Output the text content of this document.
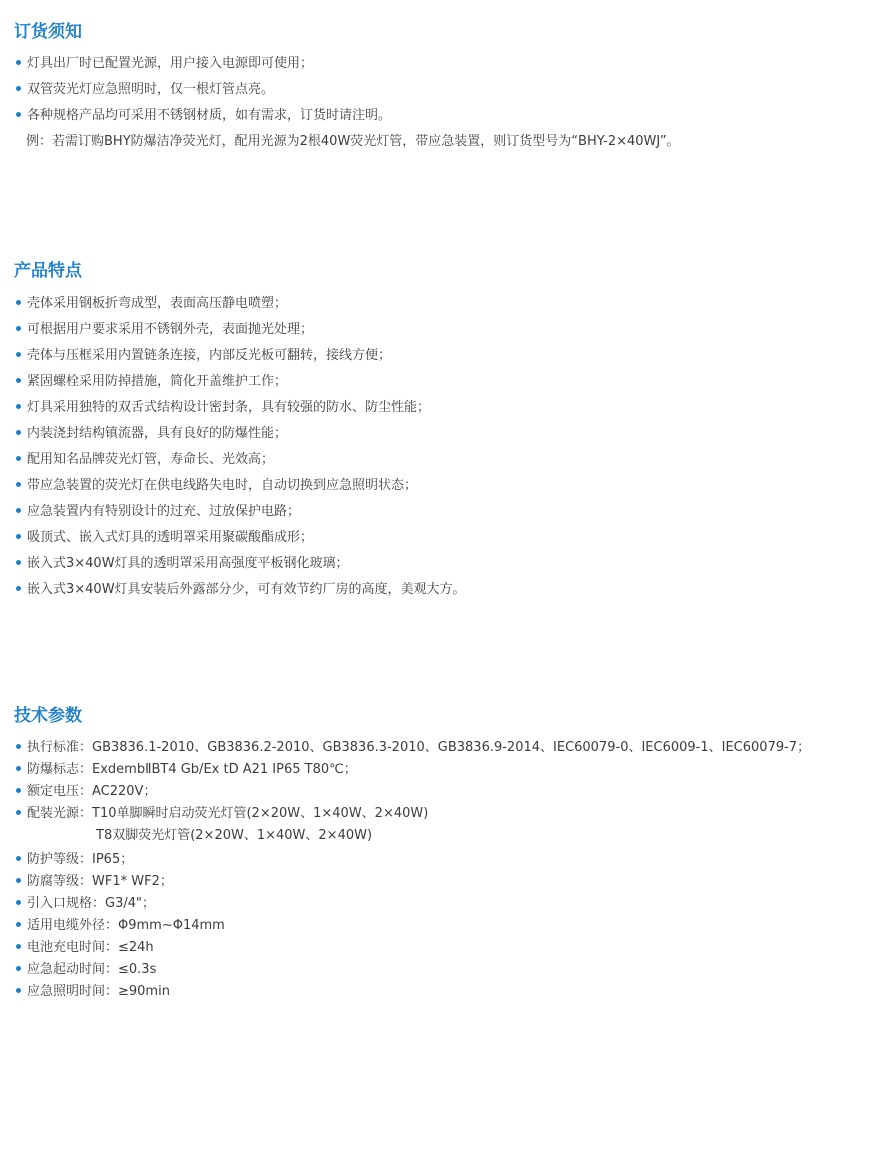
订货须知
灯具出厂时已配置光源，用户接入电源即可使用；
双管荧光灯应急照明时，仅一根灯管点亮。
各种规格产品均可采用不锈钢材质，如有需求，订货时请注明。
例：若需订购BHY防爆洁净荧光灯，配用光源为2根40W荧光灯管，带应急装置，则订货型号为“BHY-2×40WJ”。
产品特点
壳体采用钢板折弯成型，表面高压静电喷塑；
可根据用户要求采用不锈钢外壳，表面抛光处理；
壳体与压框采用内置链条连接，内部反光板可翻转，接线方便；
紧固螺栓采用防掉措施，简化开盖维护工作；
灯具采用独特的双舌式结构设计密封条，具有较强的防水、防尘性能；
内装浇封结构镇流器，具有良好的防爆性能；
配用知名品牌荧光灯管，寿命长、光效高；
带应急装置的荧光灯在供电线路失电时，自动切换到应急照明状态；
应急装置内有特别设计的过充、过放保护电路；
吸顶式、嵌入式灯具的透明罩采用聚碳酸酯成形；
嵌入式3×40W灯具的透明罩采用高强度平板钢化玻璃；
嵌入式3×40W灯具安装后外露部分少，可有效节约厂房的高度，美观大方。
技术参数
执行标准：GB3836.1-2010、GB3836.2-2010、GB3836.3-2010、GB3836.9-2014、IEC60079-0、IEC6009-1、IEC60079-7；
防爆标志：ExdembⅡBT4 Gb/Ex tD A21 IP65 T80℃；
额定电压：AC220V；
配装光源：T10单脚瞬时启动荧光灯管(2×20W、1×40W、2×40W)
T8双脚荧光灯管(2×20W、1×40W、2×40W)
防护等级：IP65；
防腐等级：WF1* WF2；
引入口规格：G3/4"；
适用电缆外径：Φ9mm~Φ14mm
电池充电时间：≤24h
应急起动时间：≤0.3s
应急照明时间：≥90min
